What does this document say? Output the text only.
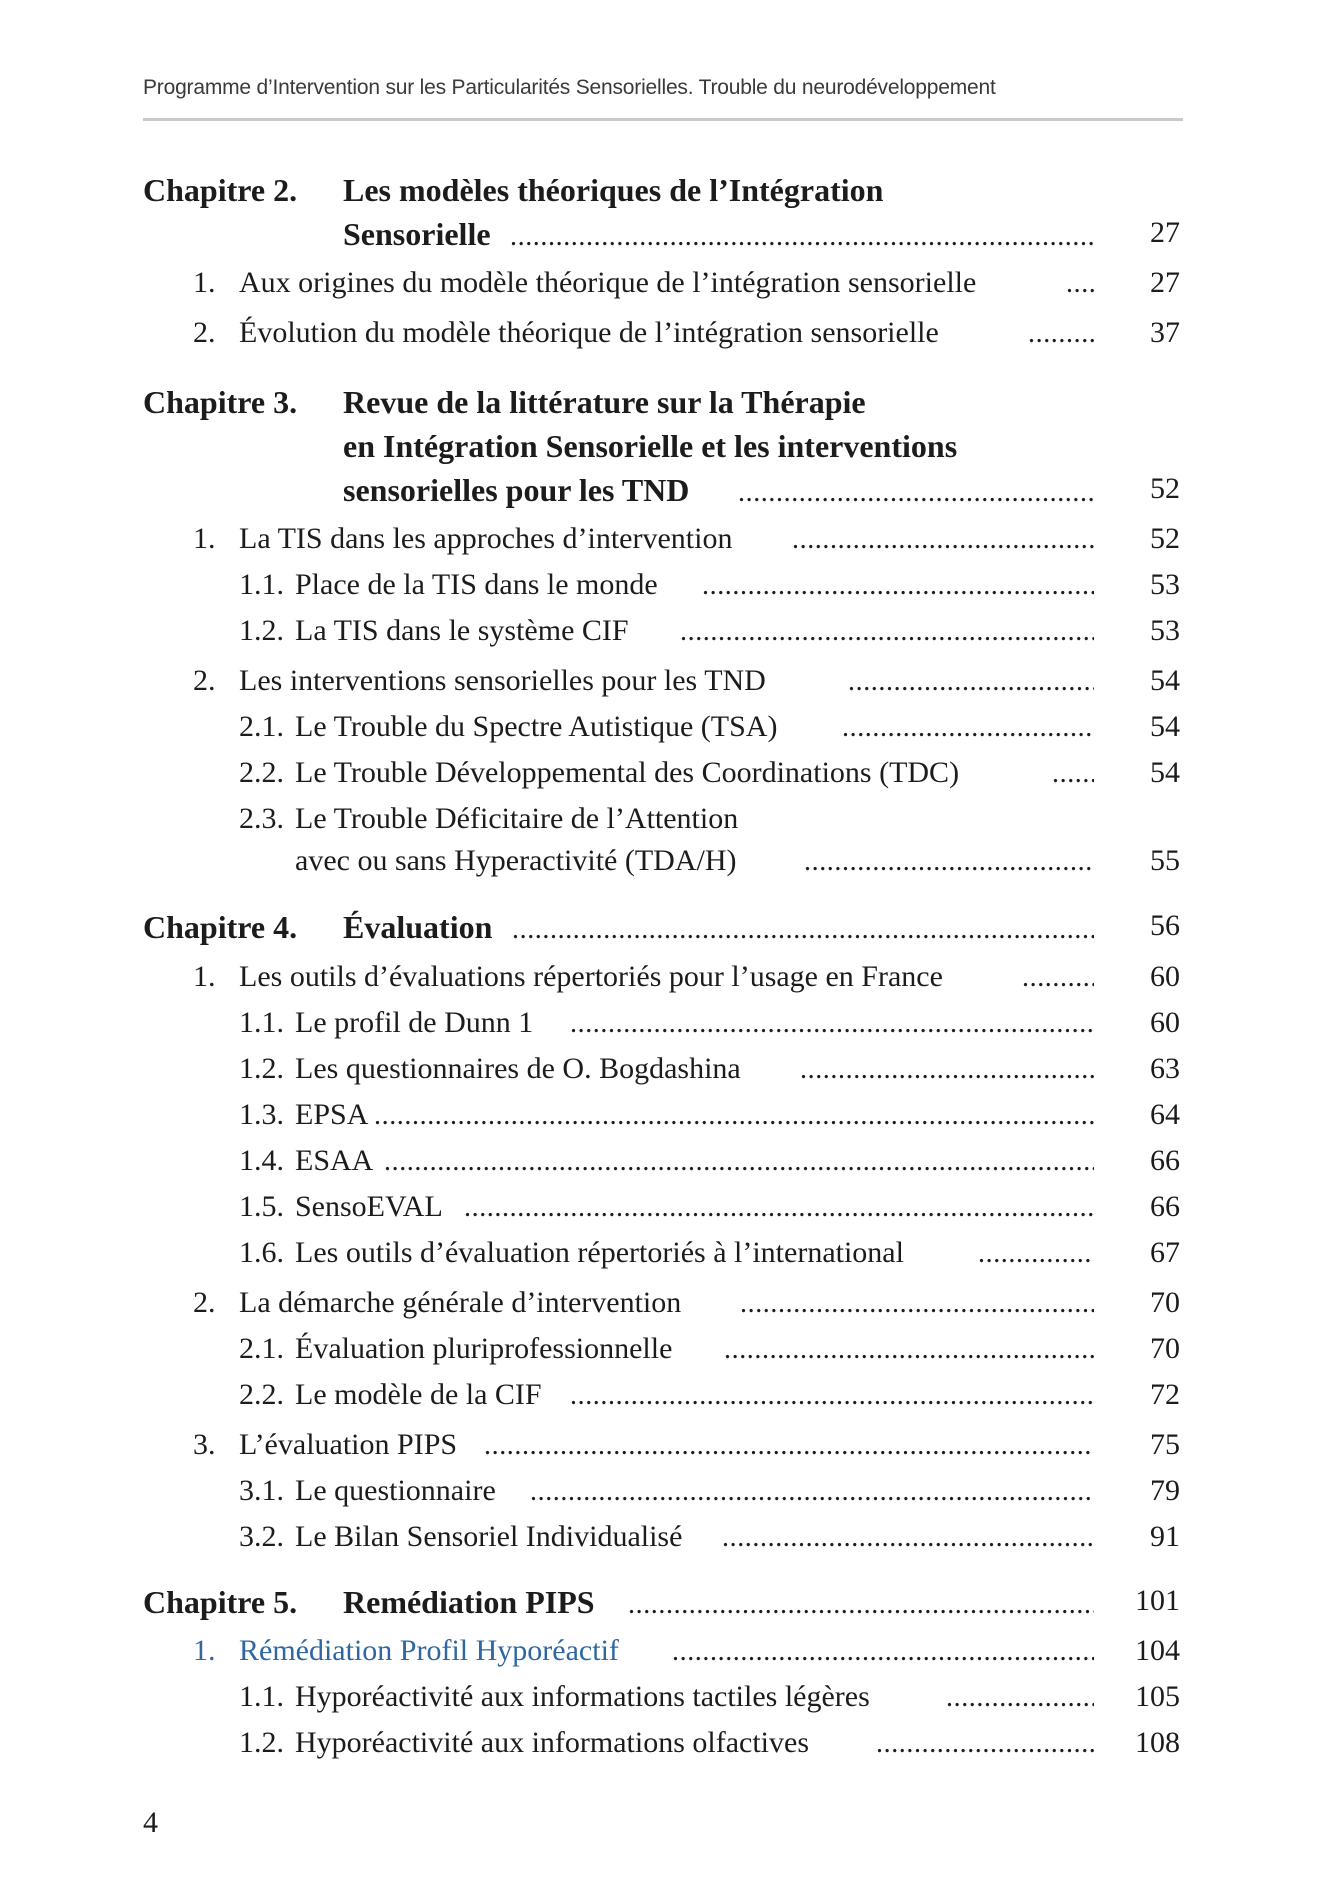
Programme d’Intervention sur les Particularités Sensorielles. Trouble du neurodéveloppement
Chapitre 2. Les modèles théoriques de l’Intégration
Sensorielle .....	27
1. Aux origines du modèle théorique de l’intégration sensorielle .....	27
2. Évolution du modèle théorique de l’intégration sensorielle .....	37
Chapitre 3. Revue de la littérature sur la Thérapie
en Intégration Sensorielle et les interventions
sensorielles pour les TND .....	52
1. La TIS dans les approches d’intervention .....	52
1.1. Place de la TIS dans le monde .....	53
1.2. La TIS dans le système CIF .....	53
2. Les interventions sensorielles pour les TND .....	54
2.1. Le Trouble du Spectre Autistique (TSA) .....	54
2.2. Le Trouble Développemental des Coordinations (TDC) .....	54
2.3. Le Trouble Déficitaire de l’Attention
avec ou sans Hyperactivité (TDA/H) .....	55
Chapitre 4. Évaluation .....	56
1. Les outils d’évaluations répertoriés pour l’usage en France .....	60
1.1. Le profil de Dunn 1 .....	60
1.2. Les questionnaires de O. Bogdashina .....	63
1.3. EPSA .....	64
1.4. ESAA .....	66
1.5. SensoEVAL .....	66
1.6. Les outils d’évaluation répertoriés à l’international .....	67
2. La démarche générale d’intervention .....	70
2.1. Évaluation pluriprofessionnelle .....	70
2.2. Le modèle de la CIF .....	72
3. L’évaluation PIPS .....	75
3.1. Le questionnaire .....	79
3.2. Le Bilan Sensoriel Individualisé .....	91
Chapitre 5. Remédiation PIPS .....	101
1. Rémédiation Profil Hyporéactif .....	104
1.1. Hyporéactivité aux informations tactiles légères .....	105
1.2. Hyporéactivité aux informations olfactives .....	108
4
